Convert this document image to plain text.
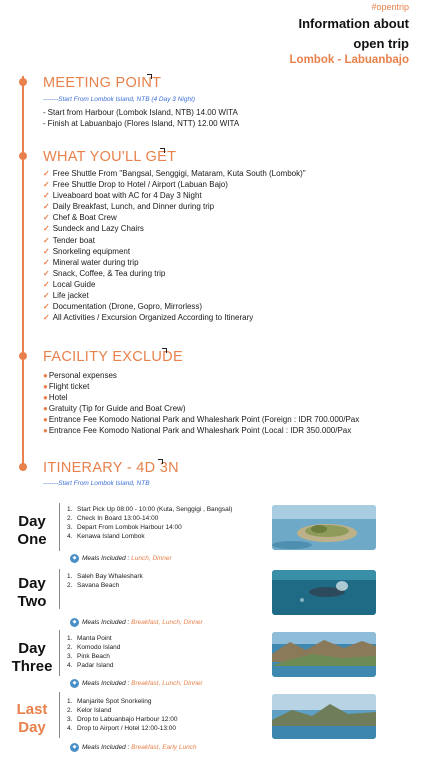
#opentrip
Information about open trip
Lombok - Labuanbajo
MEETING POINT
-------Start From Lombok Island, NTB (4 Day 3 Night)
- Start from Harbour (Lombok Island, NTB) 14.00 WITA
- Finish at Labuanbajo (Flores Island, NTT) 12.00 WITA
WHAT YOU'LL GET
✓ Free Shuttle From "Bangsal, Senggigi, Mataram, Kuta South (Lombok)"
✓ Free Shuttle Drop to Hotel / Airport (Labuan Bajo)
✓ Liveaboard boat with AC for 4 Day 3 Night
✓ Daily Breakfast, Lunch, and Dinner during trip
✓ Chef & Boat Crew
✓ Sundeck and Lazy Chairs
✓ Tender boat
✓ Snorkeling equipment
✓ Mineral water during trip
✓ Snack, Coffee, & Tea during trip
✓ Local Guide
✓ Life jacket
✓ Documentation (Drone, Gopro, Mirrorless)
✓ All Activities / Excursion Organized According to Itinerary
FACILITY EXCLUDE
●Personal expenses
●Flight ticket
●Hotel
●Gratuity (Tip for Guide and Boat Crew)
●Entrance Fee Komodo National Park and Whaleshark Point (Foreign : IDR 700.000/Pax
●Entrance Fee Komodo National Park and Whaleshark Point (Local : IDR 350.000/Pax
ITINERARY - 4D 3N
-------Start From Lombok Island, NTB
Day
One
1. Start Pick Up 08:00 - 10:00 (Kuta, Senggigi , Bangsal)
2. Check In Board 13:00-14:00
3. Depart From Lombok Harbour 14:00
4. Kenawa Island Lombok
◆ Meals Included : Lunch, Dinner
Day
Two
1. Saleh Bay Whaleshark
2. Savana Beach
◆ Meals Included : Breakfast, Lunch, Dinner
Day
Three
1. Manta Point
2. Komodo Island
3. Pink Beach
4. Padar Island
◆ Meals Included : Breakfast, Lunch, Dinner
Last
Day
1. Manjarite Spot Snorkeling
2. Kelor Island
3. Drop to Labuanbajo Harbour 12:00
4. Drop to Airport / Hotel 12:00-13:00
◆ Meals Included : Breakfast, Early Lunch
